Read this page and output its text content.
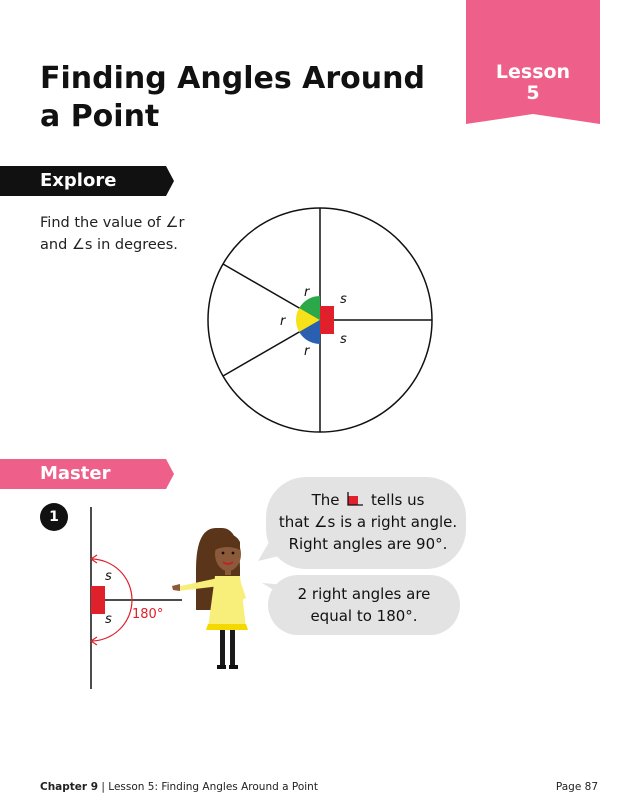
Lesson
5
Finding Angles Around
a Point
Explore

Find the value of ∠r
and ∠s in degrees.

r
r
r
s
s
Master
1
s
s 180°
The tells us
that ∠s is a right angle.
Right angles are 90°.
2 right angles are
equal to 180°.
Chapter 9 | Lesson 5: Finding Angles Around a Point	Page 87
